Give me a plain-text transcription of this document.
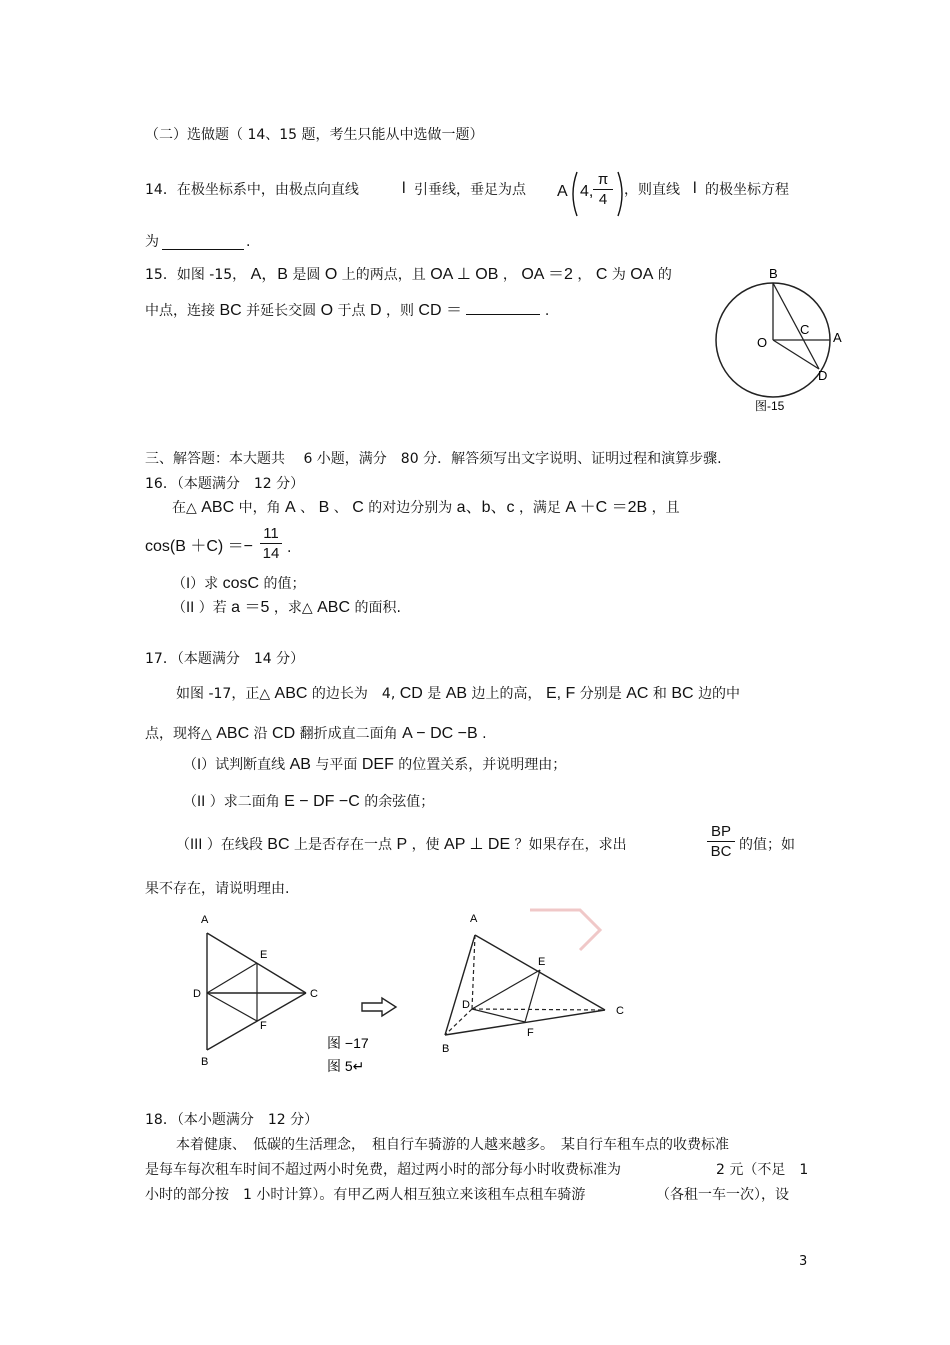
（二）选做题（ 14、15 题，考生只能从中选做一题）
14．在极坐标系中，由极点向直线	l 引垂线，垂足为点 A 4,
π
4
，则直线 l 的极坐标方程
为	.
15．如图 -15， A，B 是圆 O 上的两点，且 OA ⊥ OB ， OA ＝2 ， C 为 OA 的
中点，连接 BC 并延长交圆 O 于点 D ，则 CD ＝	.
B
C
O	A
D
图-15
三、解答题：本大题共　 6 小题，满分　80 分．解答须写出文字说明、证明过程和演算步骤.
16．（本题满分　12 分）
在△ ABC 中，角 A 、 B 、 C 的对边分别为 a、b、c ，满足 A ＋C ＝2B ，且
cos(B ＋C) ＝−
11
14 .
（I）求 cosC 的值；
（II ）若 a ＝5 ，求△ ABC 的面积.
17．（本题满分　14 分）
如图 -17，正△ ABC 的边长为　4, CD 是 AB 边上的高， E, F 分别是 AC 和 BC 边的中
点，现将△ ABC 沿 CD 翻折成直二面角 A − DC −B .
（I）试判断直线 AB 与平面 DEF 的位置关系，并说明理由；
（II ）求二面角 E − DF −C 的余弦值；
（III ）在线段 BC 上是否存在一点 P ，使 AP ⊥ DE ？如果存在，求出
BP
BC 的值；如
果不存在，请说明理由.
A
E
D	C
F
B
图 −17
图 5↵
A
E
D	C
F
B
18．（本小题满分　12 分）
本着健康、　低碳的生活理念，　租自行车骑游的人越来越多。　某自行车租车点的收费标准
是每车每次租车时间不超过两小时免费，超过两小时的部分每小时收费标准为	2 元（不足　1
小时的部分按　1 小时计算）。有甲乙两人相互独立来该租车点租车骑游	（各租一车一次），设
3
